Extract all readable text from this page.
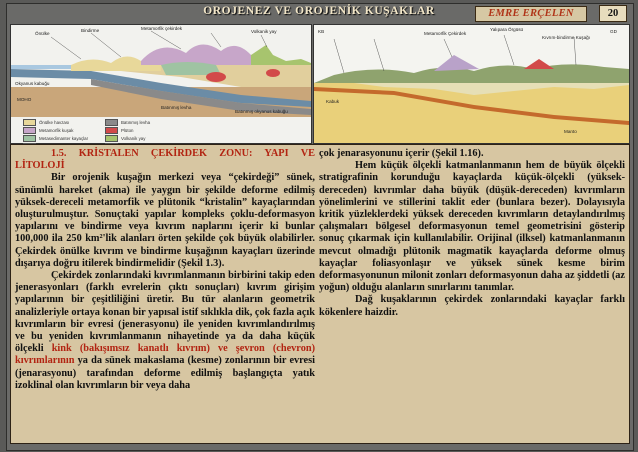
OROJENEZ VE OROJENİK KUŞAKLAR	EMRE ERÇELEN	20
Önülke
Bindirme	Metamorfik çekirdek
Volkanik yay
Okyanus kabuğu
MOHO
Batınmış levha
Batınmış okyanus kabuğu
Önülke havzası
Metamorfik kuşak
Metasedimanter kayaçlar
Batınmış levha
Plüton
Volkanik yay
KB	GD
Metamorfik Çekirdek
Yalıpara Örgüsü
Kıvrım-bindirme Kuşağı
Kabuk
Manto

1.5. KRİSTALEN ÇEKİRDEK ZONU: YAPI VE LİTOLOJİ

Bir orojenik kuşağın merkezi veya “çekirdeği” sünek, sünümlü hareket (akma) ile yaygın bir şekilde deforme edilmiş yüksek-dereceli metamorfik ve plütonik “kristalin” kayaçlarından oluşturulmuştur. Sonuçtaki yapılar kompleks çoklu-deformasyon yapılarını ve bindirme veya kıvrım naplarını içerir ki bunlar 100,000 ila 250 km²'lik alanları örten şekilde çok büyük olabilirler. Çekirdek önülke kıvrım ve bindirme kuşağının kayaçları üzerinde dışarıya doğru itilerek bindirmelidir (Şekil 1.3).

Çekirdek zonlarındaki kıvrımlanmanın birbirini takip eden jenerasyonları (farklı evrelerin çıktı sonuçları) kıvrım girişim yapılarının bir çeşitliliğini üretir. Bu tür alanların geometrik analizleriyle ortaya konan bir yapısal istif sıklıkla dik, çok fazla açık kıvrımların bir evresi (jenerasyonu) ile yeniden kıvrımlandırılmış ve bu yeniden kıvrımlanmanın nihayetinde ya da daha küçük ölçekli kink (bakışımsız kanatlı kıvrım) ve şevron (chevron) kıvrımlarının ya da sünek makaslama (kesme) zonlarının bir evresi (jenarasyonu) tarafından deforme edilmiş başlangıçta yatık izoklinal olan kıvrımların bir veya daha

çok jenarasyonunu içerir (Şekil 1.16).

Hem küçük ölçekli katmanlanmanın hem de büyük ölçekli stratigrafinin korunduğu kayaçlarda küçük-ölçekli (yüksek-dereceden) kıvrımlar daha büyük (düşük-dereceden) kıvrımların yönelimlerini ve stillerini taklit eder (bunlara bezer). Dolayısıyla kritik yüzleklerdeki yüksek dereceden kıvrımların detaylandırılmış çalışmaları bölgesel deformasyonun temel geometrisini gösterip sonuç çıkarmak için kullanılabilir. Orijinal (ilksel) katmanlanmanın mevcut olmadığı plütonik magmatik kayaçlarda deforme olmuş kayaçlar foliasyonlaşır ve yüksek sünek kesme birim deformasyonunun milonit zonları deformasyonun daha az şiddetli (az yoğun) olduğu alanların sınırlarını tanımlar.

Dağ kuşaklarının çekirdek zonlarındaki kayaçlar farklı kökenlere haizdir.
